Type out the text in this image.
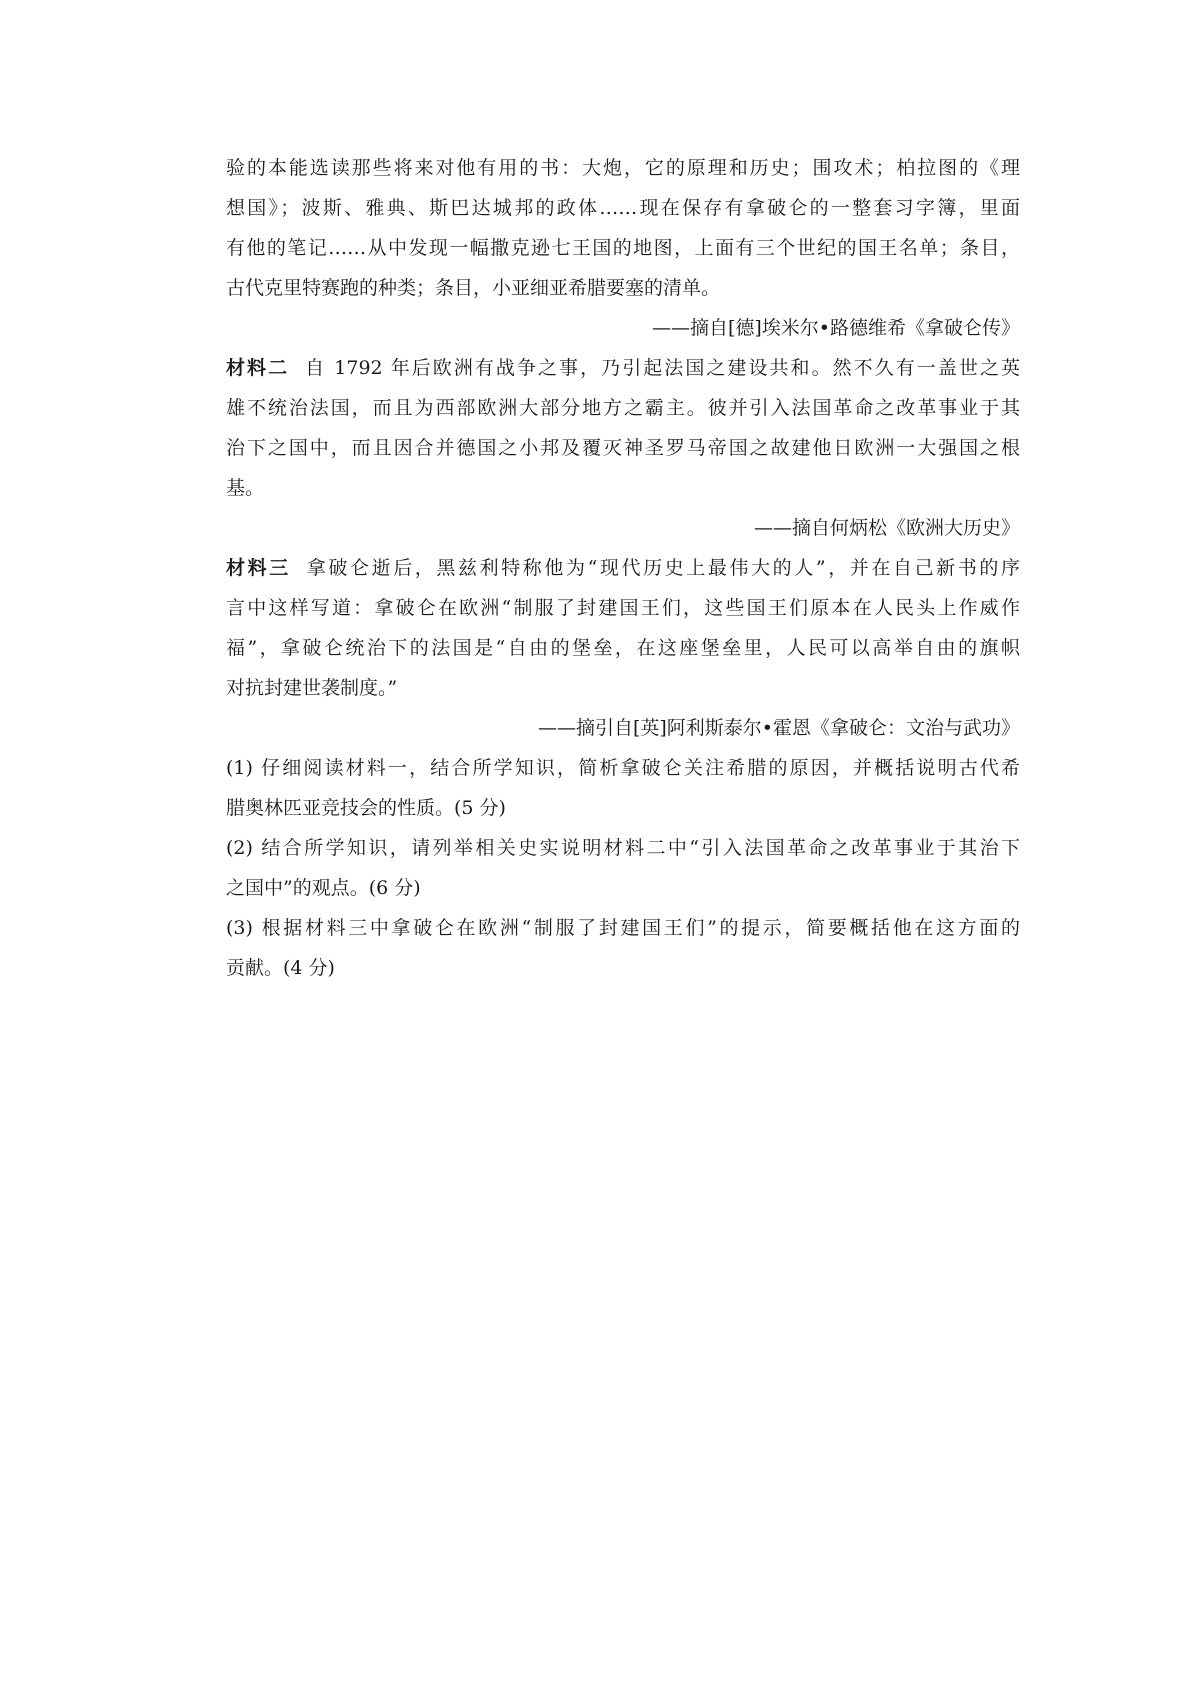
验的本能选读那些将来对他有用的书：大炮，它的原理和历史；围攻术；柏拉图的《理
想国》；波斯、雅典、斯巴达城邦的政体……现在保存有拿破仑的一整套习字簿，里面
有他的笔记……从中发现一幅撒克逊七王国的地图，上面有三个世纪的国王名单；条目，
古代克里特赛跑的种类；条目，小亚细亚希腊要塞的清单。
——摘自[德]埃米尔•路德维希《拿破仑传》
材料二 自 1792 年后欧洲有战争之事，乃引起法国之建设共和。然不久有一盖世之英
雄不统治法国，而且为西部欧洲大部分地方之霸主。彼并引入法国革命之改革事业于其
治下之国中，而且因合并德国之小邦及覆灭神圣罗马帝国之故建他日欧洲一大强国之根
基。
——摘自何炳松《欧洲大历史》
材料三 拿破仑逝后，黑兹利特称他为“现代历史上最伟大的人”，并在自己新书的序
言中这样写道：拿破仑在欧洲“制服了封建国王们，这些国王们原本在人民头上作威作
福”，拿破仑统治下的法国是“自由的堡垒，在这座堡垒里，人民可以高举自由的旗帜
对抗封建世袭制度。”
——摘引自[英]阿利斯泰尔•霍恩《拿破仑：文治与武功》
(1) 仔细阅读材料一，结合所学知识，简析拿破仑关注希腊的原因，并概括说明古代希
腊奥林匹亚竞技会的性质。(5 分)
(2) 结合所学知识，请列举相关史实说明材料二中“引入法国革命之改革事业于其治下
之国中”的观点。(6 分)
(3) 根据材料三中拿破仑在欧洲“制服了封建国王们”的提示，简要概括他在这方面的
贡献。(4 分)
